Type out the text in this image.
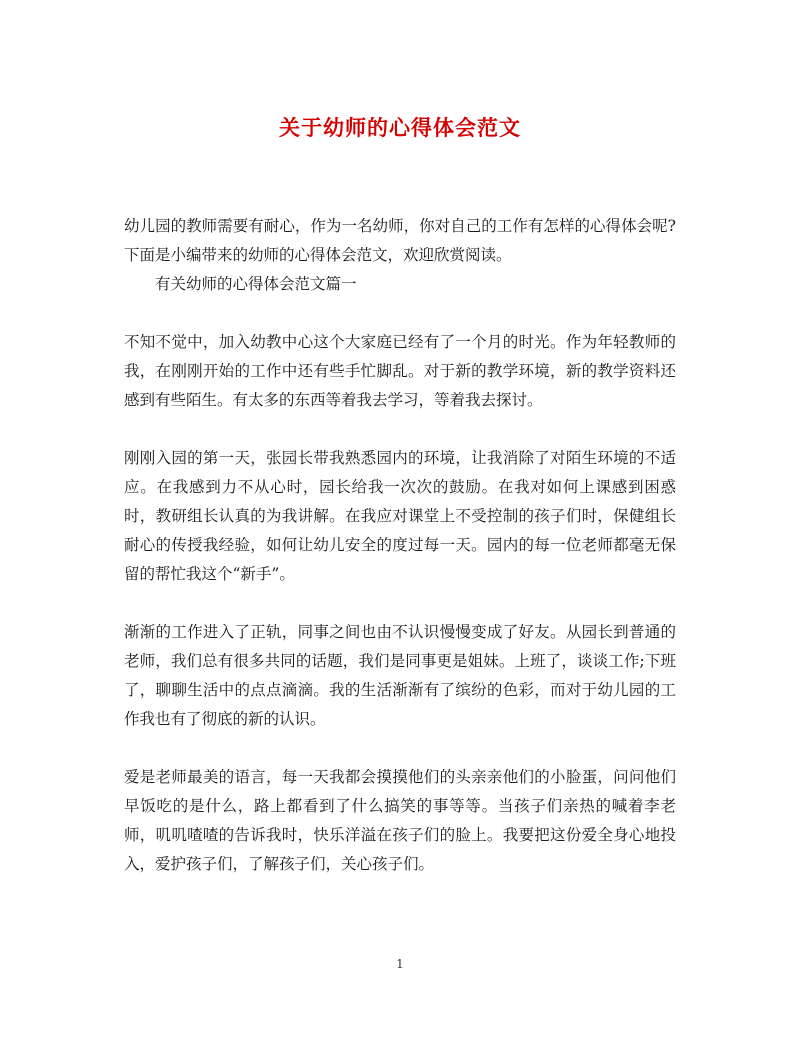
关于幼师的心得体会范文

幼儿园的教师需要有耐心，作为一名幼师，你对自己的工作有怎样的心得体会呢?下面是小编带来的幼师的心得体会范文，欢迎欣赏阅读。

有关幼师的心得体会范文篇一

不知不觉中，加入幼教中心这个大家庭已经有了一个月的时光。作为年轻教师的我，在刚刚开始的工作中还有些手忙脚乱。对于新的教学环境，新的教学资料还感到有些陌生。有太多的东西等着我去学习，等着我去探讨。

刚刚入园的第一天，张园长带我熟悉园内的环境，让我消除了对陌生环境的不适应。在我感到力不从心时，园长给我一次次的鼓励。在我对如何上课感到困惑时，教研组长认真的为我讲解。在我应对课堂上不受控制的孩子们时，保健组长耐心的传授我经验，如何让幼儿安全的度过每一天。园内的每一位老师都毫无保留的帮忙我这个“新手”。

渐渐的工作进入了正轨，同事之间也由不认识慢慢变成了好友。从园长到普通的老师，我们总有很多共同的话题，我们是同事更是姐妹。上班了，谈谈工作;下班了，聊聊生活中的点点滴滴。我的生活渐渐有了缤纷的色彩，而对于幼儿园的工作我也有了彻底的新的认识。

爱是老师最美的语言，每一天我都会摸摸他们的头亲亲他们的小脸蛋，问问他们早饭吃的是什么，路上都看到了什么搞笑的事等等。当孩子们亲热的喊着李老师，叽叽喳喳的告诉我时，快乐洋溢在孩子们的脸上。我要把这份爱全身心地投入，爱护孩子们，了解孩子们，关心孩子们。

1
